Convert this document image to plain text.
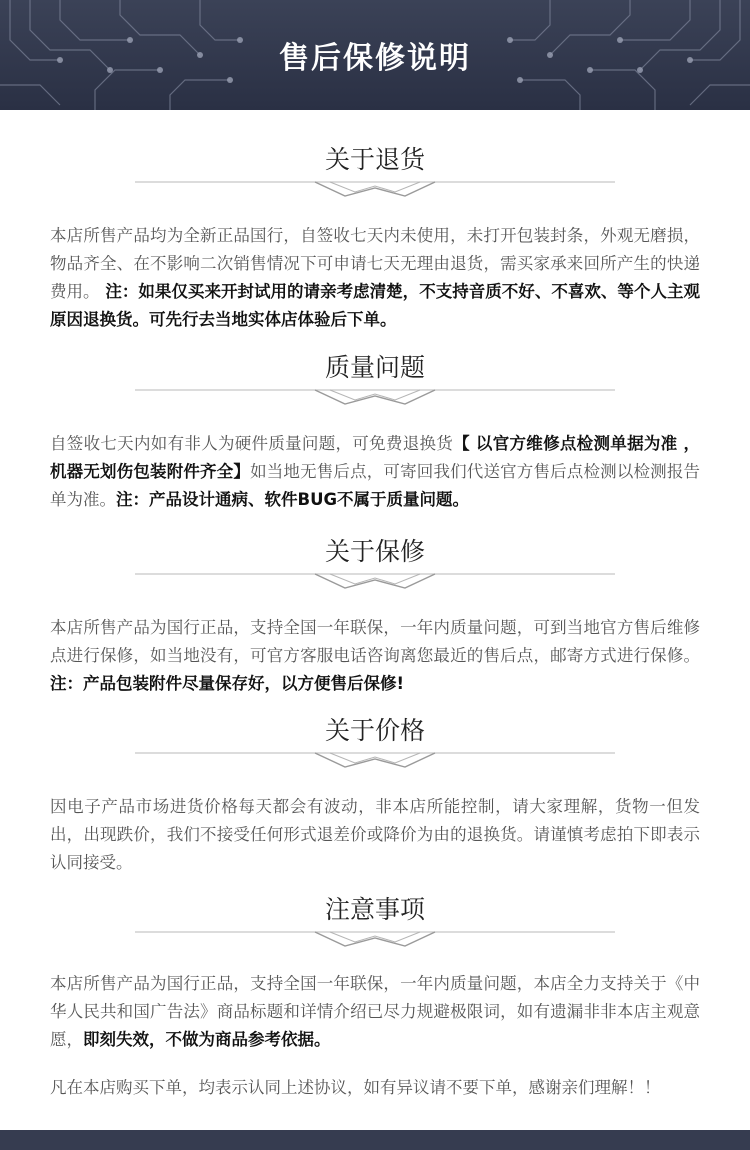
售后保修说明
关于退货
本店所售产品均为全新正品国行，自签收七天内未使用，未打开包装封条，外观无磨损，物品齐全、在不影响二次销售情况下可申请七天无理由退货，需买家承来回所产生的快递费用。 注：如果仅买来开封试用的请亲考虑清楚，不支持音质不好、不喜欢、等个人主观原因退换货。可先行去当地实体店体验后下单。
质量问题
自签收七天内如有非人为硬件质量问题，可免费退换货【 以官方维修点检测单据为准 ，机器无划伤包装附件齐全】如当地无售后点，可寄回我们代送官方售后点检测以检测报告单为准。注：产品设计通病、软件BUG不属于质量问题。
关于保修
本店所售产品为国行正品，支持全国一年联保，一年内质量问题，可到当地官方售后维修点进行保修，如当地没有，可官方客服电话咨询离您最近的售后点，邮寄方式进行保修。注：产品包装附件尽量保存好，以方便售后保修!
关于价格
因电子产品市场进货价格每天都会有波动，非本店所能控制，请大家理解，货物一但发出，出现跌价，我们不接受任何形式退差价或降价为由的退换货。请谨慎考虑拍下即表示认同接受。
注意事项
本店所售产品为国行正品，支持全国一年联保，一年内质量问题，本店全力支持关于《中华人民共和国广告法》商品标题和详情介绍已尽力规避极限词，如有遗漏非非本店主观意愿，即刻失效，不做为商品参考依据。
凡在本店购买下单，均表示认同上述协议，如有异议请不要下单，感谢亲们理解！！
